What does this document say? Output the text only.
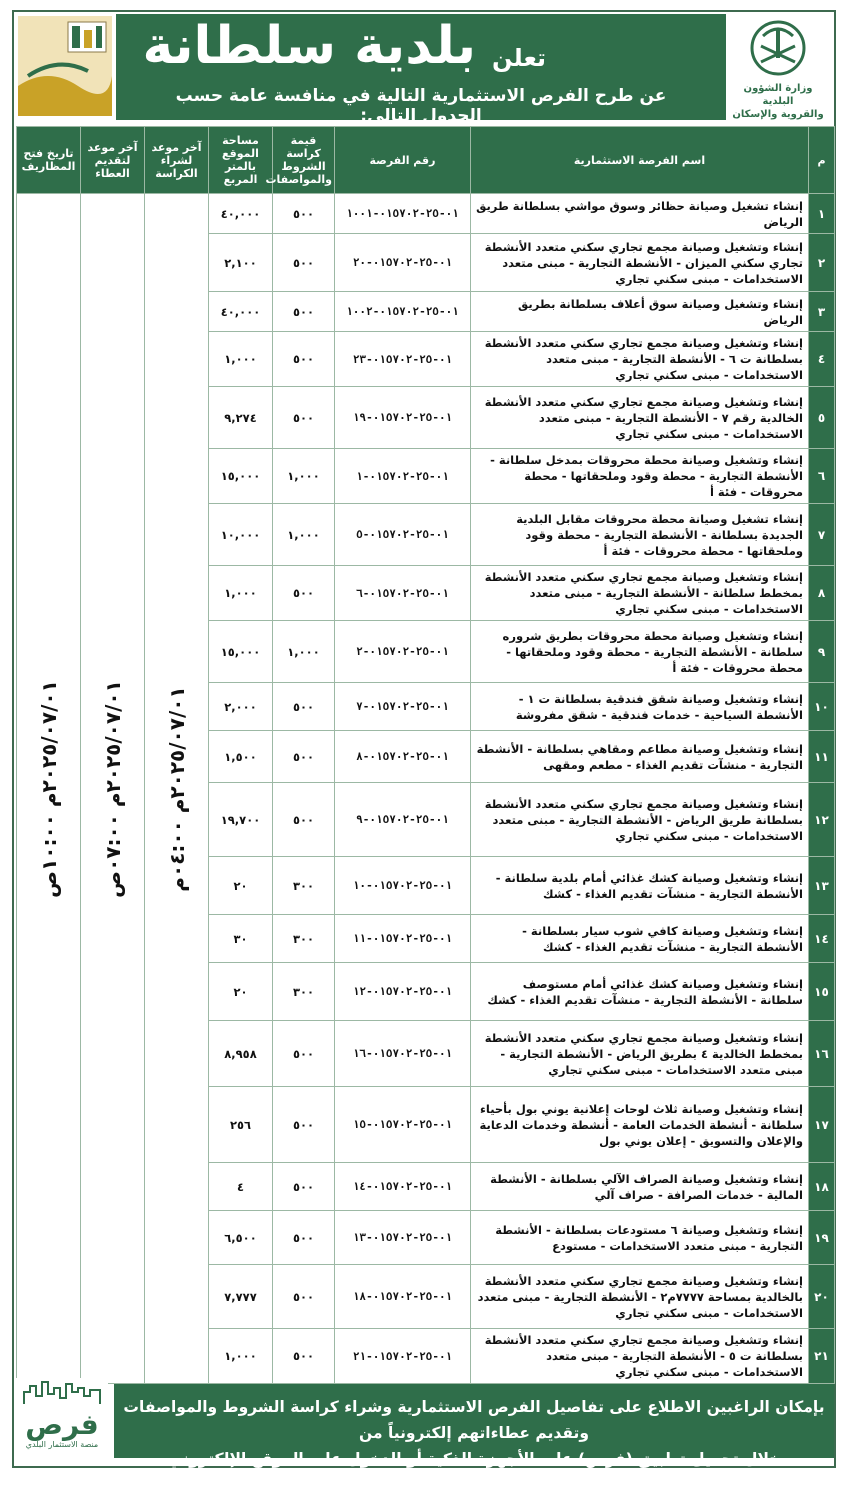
تعلن
بلدية سلطانة
عن طرح الفرص الاستثمارية التالية في منافسة عامة حسب الجدول التالي:
وزارة الشؤون البلدية
والقروية والإسكان
م	اسم الفرصة الاستثمارية	رقم الفرصة	قيمة كراسة الشروط والمواصفات	مساحة الموقع بالمتر المربع	آخر موعد لشراء الكراسة	آخر موعد لتقديم العطاء	تاريخ فتح المظاريف
١	إنشاء تشغيل وصيانة حظائر وسوق مواشي بسلطانة طريق الرياض	٠١-٢٥-٠١٥٧٠٢-١٠٠١	٥٠٠	٤٠,٠٠٠	٢٠٢٥/٠٧/٠١م ٠٤:٠٠م	٢٠٢٥/٠٧/٠١م ٠٧:٠٠ص	٢٠٢٥/٠٧/٠١م ١٠:٠٠ص

٢	إنشاء وتشغيل وصيانة مجمع تجاري سكني متعدد الأنشطة تجاري سكني الميزان - الأنشطة التجارية - مبنى متعدد الاستخدامات - مبنى سكني تجاري	٠١-٢٥-٠١٥٧٠٢-٢٠	٥٠٠	٢,١٠٠			
٣	إنشاء وتشغيل وصيانة سوق أعلاف بسلطانة بطريق الرياض	٠١-٢٥-٠١٥٧٠٢-١٠٠٢	٥٠٠	٤٠,٠٠٠			
٤	إنشاء وتشغيل وصيانة مجمع تجاري سكني متعدد الأنشطة بسلطانة ت ٦ - الأنشطة التجارية - مبنى متعدد الاستخدامات - مبنى سكني تجاري	٠١-٢٥-٠١٥٧٠٢-٢٣	٥٠٠	١,٠٠٠			
٥	إنشاء وتشغيل وصيانة مجمع تجاري سكني متعدد الأنشطة الخالدية رقم ٧ - الأنشطة التجارية - مبنى متعدد الاستخدامات - مبنى سكني تجاري	٠١-٢٥-٠١٥٧٠٢-١٩	٥٠٠	٩,٢٧٤			
٦	إنشاء وتشغيل وصيانة محطة محروقات بمدخل سلطانة - الأنشطة التجارية - محطة وقود وملحقاتها - محطة محروقات - فئة أ	٠١-٢٥-٠١٥٧٠٢-١	١,٠٠٠	١٥,٠٠٠			
٧	إنشاء تشغيل وصيانة محطة محروقات مقابل البلدية الجديدة بسلطانة - الأنشطة التجارية - محطة وقود وملحقاتها - محطة محروقات - فئة أ	٠١-٢٥-٠١٥٧٠٢-٥	١,٠٠٠	١٠,٠٠٠			
٨	إنشاء وتشغيل وصيانة مجمع تجاري سكني متعدد الأنشطة بمخطط سلطانة - الأنشطة التجارية - مبنى متعدد الاستخدامات - مبنى سكني تجاري	٠١-٢٥-٠١٥٧٠٢-٦	٥٠٠	١,٠٠٠			
٩	إنشاء وتشغيل وصيانة محطة محروقات بطريق شروره سلطانة - الأنشطة التجارية - محطة وقود وملحقاتها - محطة محروقات - فئة أ	٠١-٢٥-٠١٥٧٠٢-٢	١,٠٠٠	١٥,٠٠٠			
١٠	إنشاء وتشغيل وصيانة شقق فندقية بسلطانة ت ١ - الأنشطة السياحية - خدمات فندقية - شقق مفروشة	٠١-٢٥-٠١٥٧٠٢-٧	٥٠٠	٢,٠٠٠			
١١	إنشاء وتشغيل وصيانة مطاعم ومقاهي بسلطانة - الأنشطة التجارية - منشآت تقديم الغذاء - مطعم ومقهى	٠١-٢٥-٠١٥٧٠٢-٨	٥٠٠	١,٥٠٠			
١٢	إنشاء وتشغيل وصيانة مجمع تجاري سكني متعدد الأنشطة بسلطانة طريق الرياض - الأنشطة التجارية - مبنى متعدد الاستخدامات - مبنى سكني تجاري	٠١-٢٥-٠١٥٧٠٢-٩	٥٠٠	١٩,٧٠٠			
١٣	إنشاء وتشغيل وصيانة كشك غذائي أمام بلدية سلطانة - الأنشطة التجارية - منشآت تقديم الغذاء - كشك	٠١-٢٥-٠١٥٧٠٢-١٠	٣٠٠	٢٠			
١٤	إنشاء وتشغيل وصيانة كافي شوب سيار بسلطانة - الأنشطة التجارية - منشآت تقديم الغذاء - كشك	٠١-٢٥-٠١٥٧٠٢-١١	٣٠٠	٣٠			
١٥	إنشاء وتشغيل وصيانة كشك غذائي أمام مستوصف سلطانة - الأنشطة التجارية - منشآت تقديم الغذاء - كشك	٠١-٢٥-٠١٥٧٠٢-١٢	٣٠٠	٢٠			
١٦	إنشاء وتشغيل وصيانة مجمع تجاري سكني متعدد الأنشطة بمخطط الخالدية ٤ بطريق الرياض - الأنشطة التجارية - مبنى متعدد الاستخدامات - مبنى سكني تجاري	٠١-٢٥-٠١٥٧٠٢-١٦	٥٠٠	٨,٩٥٨			
١٧	إنشاء وتشغيل وصيانة ثلاث لوحات إعلانية يوني بول بأحياء سلطانة - أنشطة الخدمات العامة - أنشطة وخدمات الدعاية والإعلان والتسويق - إعلان يوني بول	٠١-٢٥-٠١٥٧٠٢-١٥	٥٠٠	٢٥٦			
١٨	إنشاء وتشغيل وصيانة الصراف الآلي بسلطانة - الأنشطة المالية - خدمات الصرافة - صراف آلي	٠١-٢٥-٠١٥٧٠٢-١٤	٥٠٠	٤			
١٩	إنشاء وتشغيل وصيانة ٦ مستودعات بسلطانة - الأنشطة التجارية - مبنى متعدد الاستخدامات - مستودع	٠١-٢٥-٠١٥٧٠٢-١٣	٥٠٠	٦,٥٠٠			
٢٠	إنشاء وتشغيل وصيانة مجمع تجاري سكني متعدد الأنشطة بالخالدية بمساحة ٧٧٧٧م٢ - الأنشطة التجارية - مبنى متعدد الاستخدامات - مبنى سكني تجاري	٠١-٢٥-٠١٥٧٠٢-١٨	٥٠٠	٧,٧٧٧			
٢١	إنشاء وتشغيل وصيانة مجمع تجاري سكني متعدد الأنشطة بسلطانة ت ٥ - الأنشطة التجارية - مبنى متعدد الاستخدامات - مبنى سكني تجاري	٠١-٢٥-٠١٥٧٠٢-٢١	٥٠٠	١,٠٠٠			
فرص
منصة الاستثمار البلدي
بإمكان الراغبين الاطلاع على تفاصيل الفرص الاستثمارية وشراء كراسة الشروط والمواصفات وتقديم عطاءاتهم إلكترونياً من
خلال تحميل تطبيق (فرص) على الأجهزة الذكية أو الدخول على الموقع الإلكتروني (https://Furas.momra.gov.sa).
